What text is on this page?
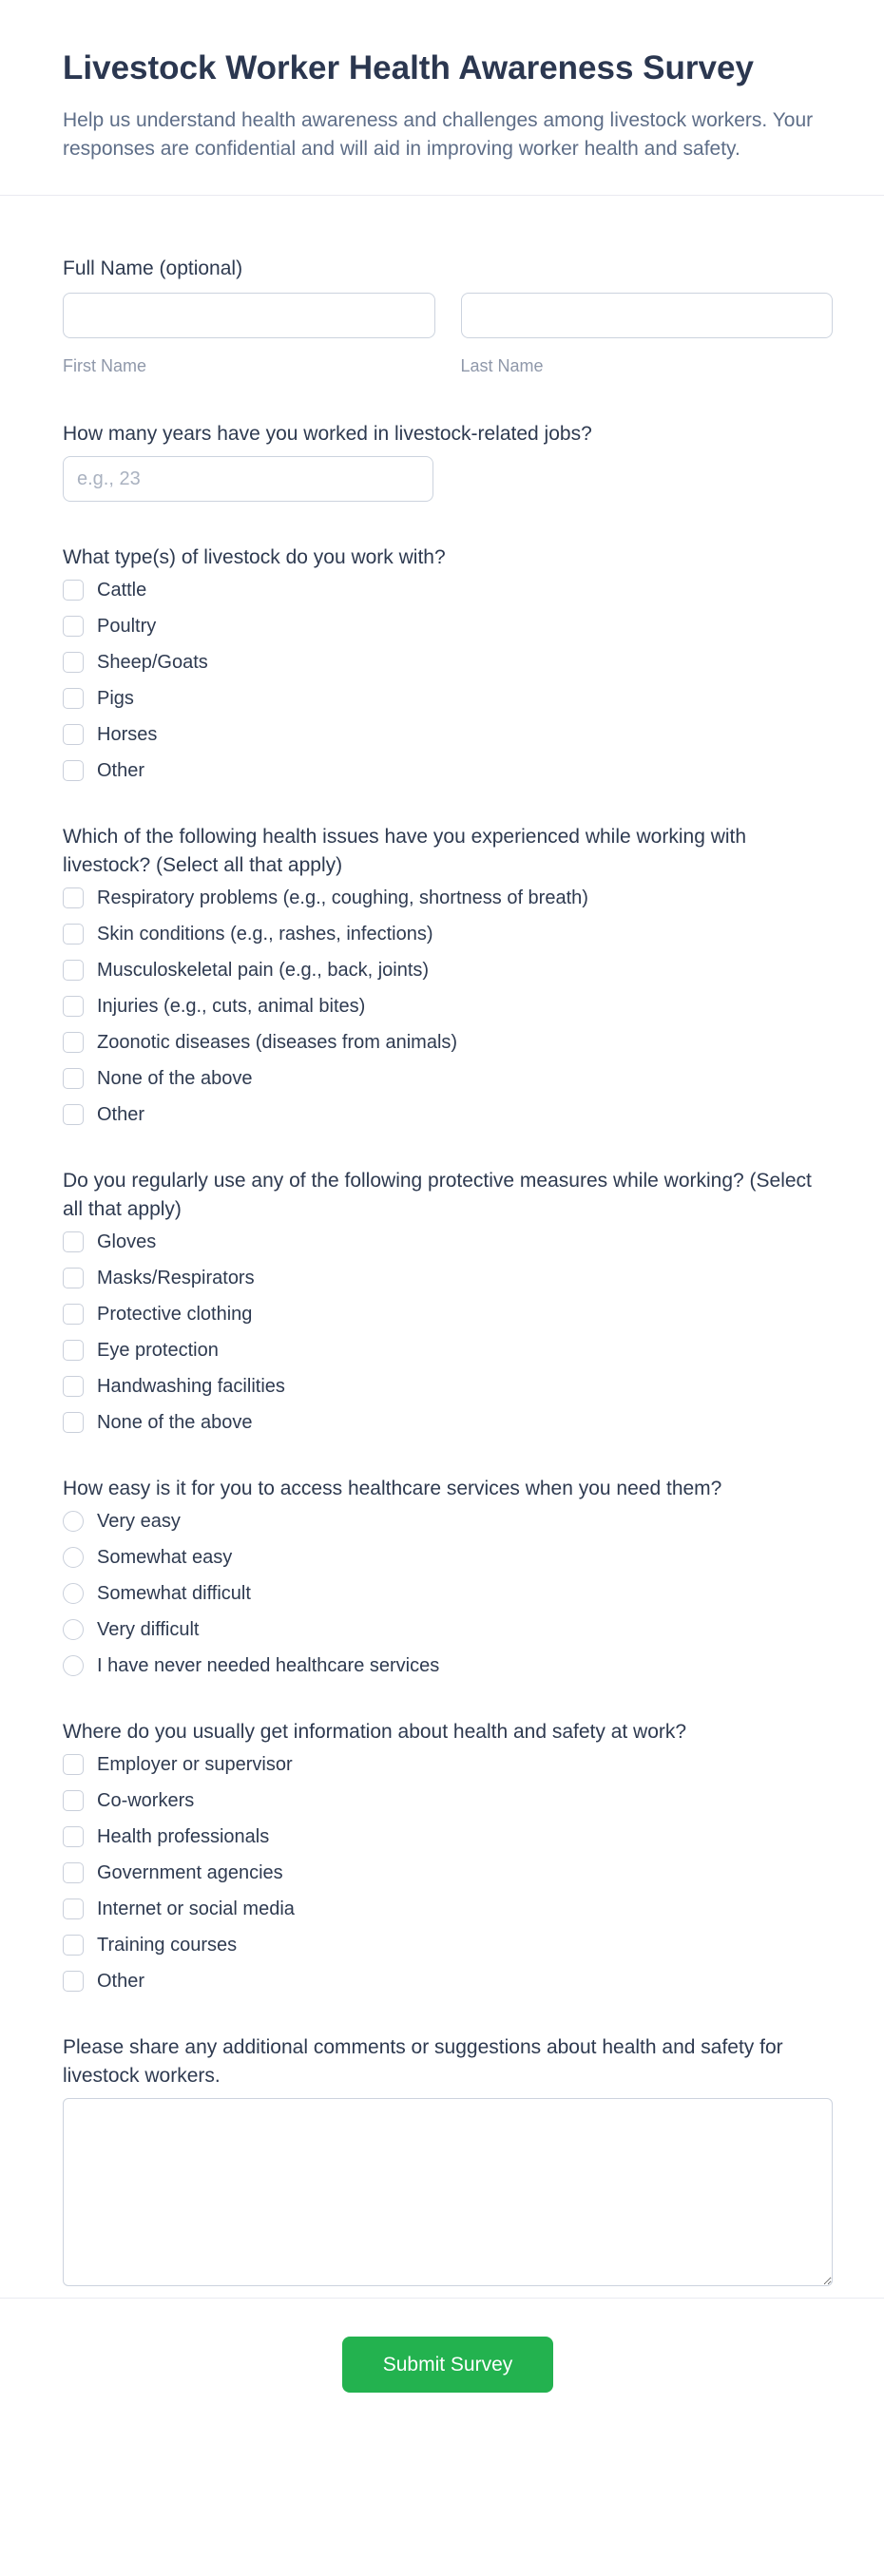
Livestock Worker Health Awareness Survey

Help us understand health awareness and challenges among livestock workers. Your responses are confidential and will aid in improving worker health and safety.

Full Name (optional)
First Name	Last Name
How many years have you worked in livestock-related jobs?
e.g., 23
What type(s) of livestock do you work with?
Cattle
Poultry
Sheep/Goats
Pigs
Horses
Other
Which of the following health issues have you experienced while working with livestock? (Select all that apply)
Respiratory problems (e.g., coughing, shortness of breath)
Skin conditions (e.g., rashes, infections)
Musculoskeletal pain (e.g., back, joints)
Injuries (e.g., cuts, animal bites)
Zoonotic diseases (diseases from animals)
None of the above
Other
Do you regularly use any of the following protective measures while working? (Select all that apply)
Gloves
Masks/Respirators
Protective clothing
Eye protection
Handwashing facilities
None of the above
How easy is it for you to access healthcare services when you need them?
Very easy
Somewhat easy
Somewhat difficult
Very difficult
I have never needed healthcare services
Where do you usually get information about health and safety at work?
Employer or supervisor
Co-workers
Health professionals
Government agencies
Internet or social media
Training courses
Other
Please share any additional comments or suggestions about health and safety for livestock workers.
Submit Survey
